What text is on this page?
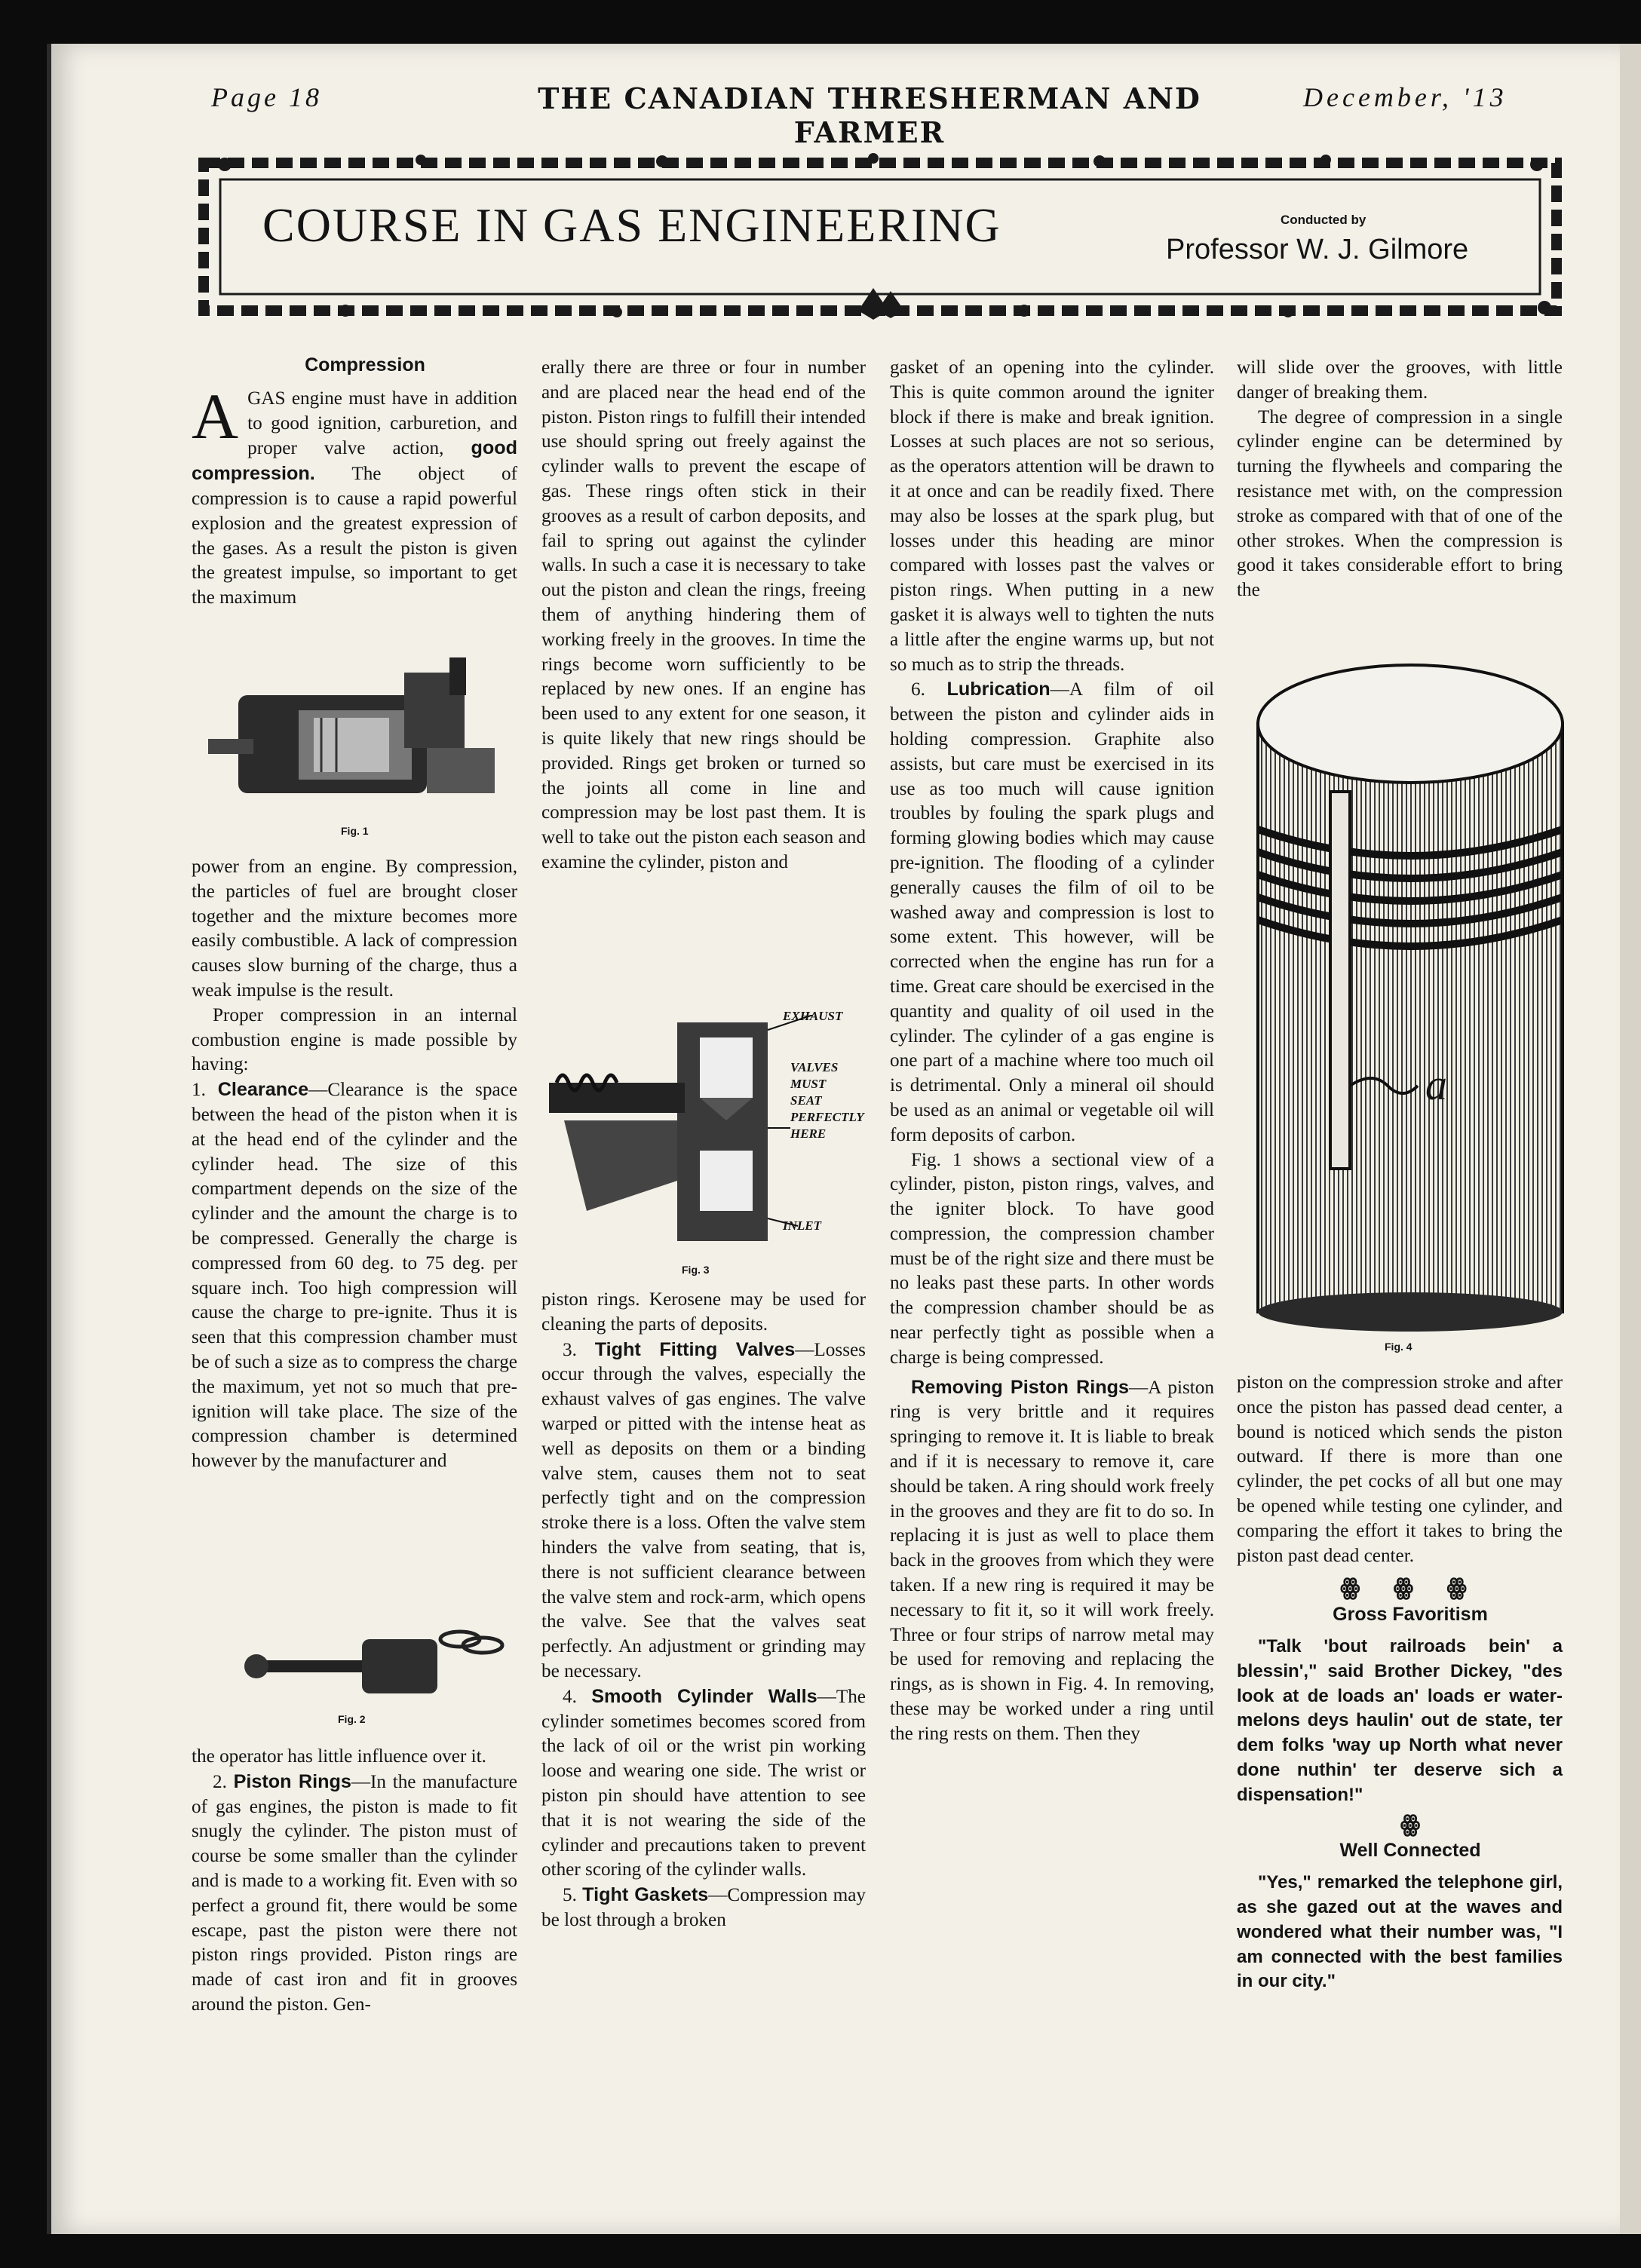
Page 18	THE CANADIAN THRESHERMAN AND FARMER
December, '13
COURSE IN GAS ENGINEERING	Conducted by
Professor W. J. Gilmore

Compression

AGAS engine must have in addition to good ignition, carburetion, and proper valve action, good compression. The object of compression is to cause a rapid powerful explosion and the greatest expression of the gases. As a result the piston is given the greatest impulse, so important to get the maximum

Fig. 1

power from an engine. By compression, the particles of fuel are brought closer together and the mixture becomes more easily combustible. A lack of compression causes slow burning of the charge, thus a weak impulse is the result.

Proper compression in an internal combustion engine is made possible by having:

1. Clearance—Clearance is the space between the head of the piston when it is at the head end of the cylinder and the cylinder head. The size of this compartment depends on the size of the cylinder and the amount the charge is to be compressed. Generally the charge is compressed from 60 deg. to 75 deg. per square inch. Too high compression will cause the charge to pre-ignite. Thus it is seen that this compression chamber must be of such a size as to compress the charge the maximum, yet not so much that pre-ignition will take place. The size of the compression chamber is determined however by the manufacturer and

Fig. 2

the operator has little influence over it.

2. Piston Rings—In the manufacture of gas engines, the piston is made to fit snugly the cylinder. The piston must of course be some smaller than the cylinder and is made to a working fit. Even with so perfect a ground fit, there would be some escape, past the piston were there not piston rings provided. Piston rings are made of cast iron and fit in grooves around the piston. Gen-

erally there are three or four in number and are placed near the head end of the piston. Piston rings to fulfill their intended use should spring out freely against the cylinder walls to prevent the escape of gas. These rings often stick in their grooves as a result of carbon deposits, and fail to spring out against the cylinder walls. In such a case it is necessary to take out the piston and clean the rings, freeing them of anything hindering them of working freely in the grooves. In time the rings become worn sufficiently to be replaced by new ones. If an engine has been used to any extent for one season, it is quite likely that new rings should be provided. Rings get broken or turned so the joints all come in line and compression may be lost past them. It is well to take out the piston each season and examine the cylinder, piston and

EXHAUST
VALVES
MUST
SEAT
PERFECTLY
HERE
INLET
Fig. 3

piston rings. Kerosene may be used for cleaning the parts of deposits.

3. Tight Fitting Valves—Losses occur through the valves, especially the exhaust valves of gas engines. The valve warped or pitted with the intense heat as well as deposits on them or a binding valve stem, causes them not to seat perfectly tight and on the compression stroke there is a loss. Often the valve stem hinders the valve from seating, that is, there is not sufficient clearance between the valve stem and rock-arm, which opens the valve. See that the valves seat perfectly. An adjustment or grinding may be necessary.

4. Smooth Cylinder Walls—The cylinder sometimes becomes scored from the lack of oil or the wrist pin working loose and wearing one side. The wrist or piston pin should have attention to see that it is not wearing the side of the cylinder and precautions taken to prevent other scoring of the cylinder walls.

5. Tight Gaskets—Compression may be lost through a broken

gasket of an opening into the cylinder. This is quite common around the igniter block if there is make and break ignition. Losses at such places are not so serious, as the operators attention will be drawn to it at once and can be readily fixed. There may also be losses at the spark plug, but losses under this heading are minor compared with losses past the valves or piston rings. When putting in a new gasket it is always well to tighten the nuts a little after the engine warms up, but not so much as to strip the threads.

6. Lubrication—A film of oil between the piston and cylinder aids in holding compression. Graphite also assists, but care must be exercised in its use as too much will cause ignition troubles by fouling the spark plugs and forming glowing bodies which may cause pre-ignition. The flooding of a cylinder generally causes the film of oil to be washed away and compression is lost to some extent. This however, will be corrected when the engine has run for a time. Great care should be exercised in the quantity and quality of oil used in the cylinder. The cylinder of a gas engine is one part of a machine where too much oil is detrimental. Only a mineral oil should be used as an animal or vegetable oil will form deposits of carbon.

Fig. 1 shows a sectional view of a cylinder, piston, piston rings, valves, and the igniter block. To have good compression, the compression chamber must be of the right size and there must be no leaks past these parts. In other words the compression chamber should be as near perfectly tight as possible when a charge is being compressed.

Removing Piston Rings—A piston ring is very brittle and it requires springing to remove it. It is liable to break and if it is necessary to remove it, care should be taken. A ring should work freely in the grooves and they are fit to do so. In replacing it is just as well to place them back in the grooves from which they were taken. If a new ring is required it may be necessary to fit it, so it will work freely. Three or four strips of narrow metal may be used for removing and replacing the rings, as is shown in Fig. 4. In removing, these may be worked under a ring until the ring rests on them. Then they

will slide over the grooves, with little danger of breaking them.

The degree of compression in a single cylinder engine can be determined by turning the flywheels and comparing the resistance met with, on the compression stroke as compared with that of one of the other strokes. When the compression is good it takes considerable effort to bring the

a
Fig. 4

piston on the compression stroke and after once the piston has passed dead center, a bound is noticed which sends the piston outward. If there is more than one cylinder, the pet cocks of all but one may be opened while testing one cylinder, and comparing the effort it takes to bring the piston past dead center.

ꙮ ꙮ ꙮ

Gross Favoritism

"Talk 'bout railroads bein' a blessin'," said Brother Dickey, "des look at de loads an' loads er water-melons deys haulin' out de state, ter dem folks 'way up North what never done nuthin' ter deserve sich a dispensation!"

ꙮ

Well Connected

"Yes," remarked the telephone girl, as she gazed out at the waves and wondered what their number was, "I am connected with the best families in our city."
